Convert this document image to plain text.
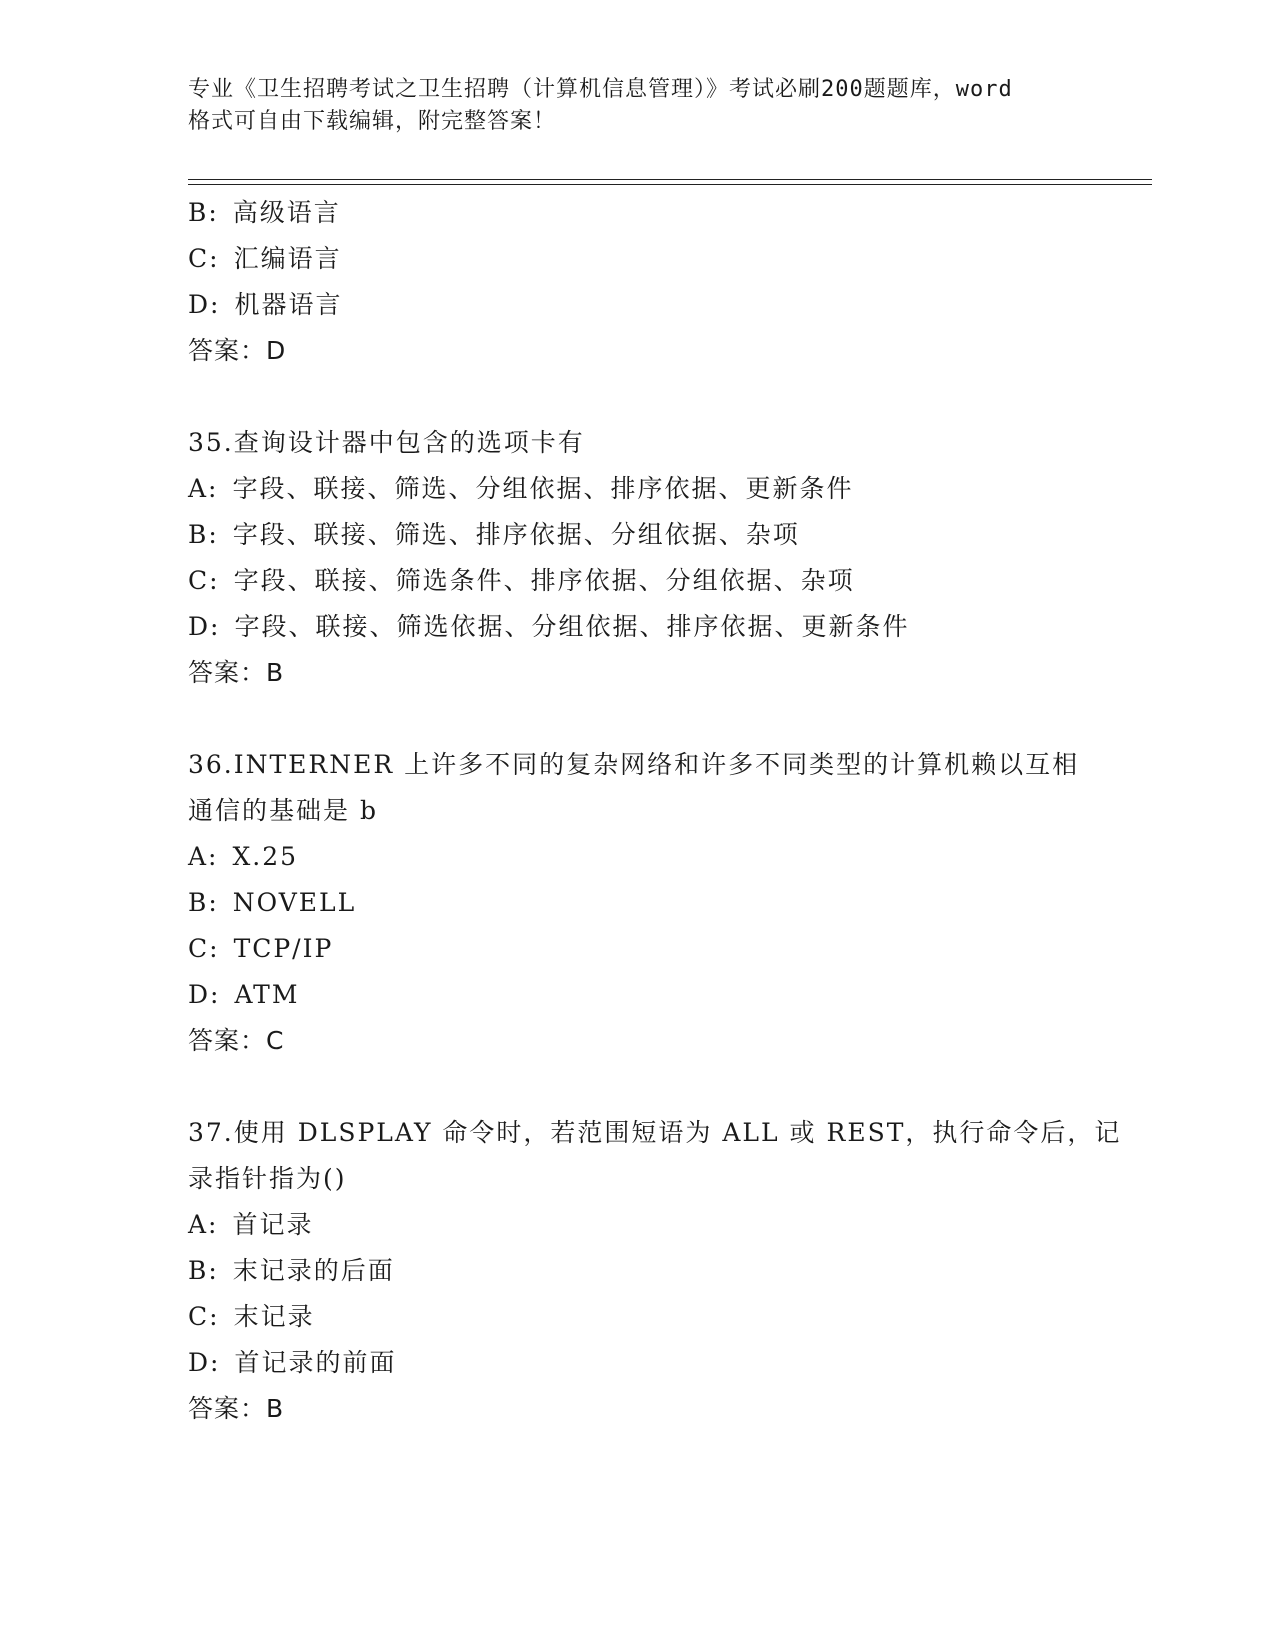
专业《卫生招聘考试之卫生招聘（计算机信息管理）》考试必刷200题题库，word
格式可自由下载编辑，附完整答案！
B: 高级语言
C: 汇编语言
D: 机器语言
答案：D
35.查询设计器中包含的选项卡有
A: 字段、联接、筛选、分组依据、排序依据、更新条件
B: 字段、联接、筛选、排序依据、分组依据、杂项
C: 字段、联接、筛选条件、排序依据、分组依据、杂项
D: 字段、联接、筛选依据、分组依据、排序依据、更新条件
答案：B
36.INTERNER 上许多不同的复杂网络和许多不同类型的计算机赖以互相
通信的基础是 b
A: X.25
B: NOVELL
C: TCP/IP
D: ATM
答案：C
37.使用 DLSPLAY 命令时，若范围短语为 ALL 或 REST，执行命令后，记
录指针指为()
A: 首记录
B: 末记录的后面
C: 末记录
D: 首记录的前面
答案：B
